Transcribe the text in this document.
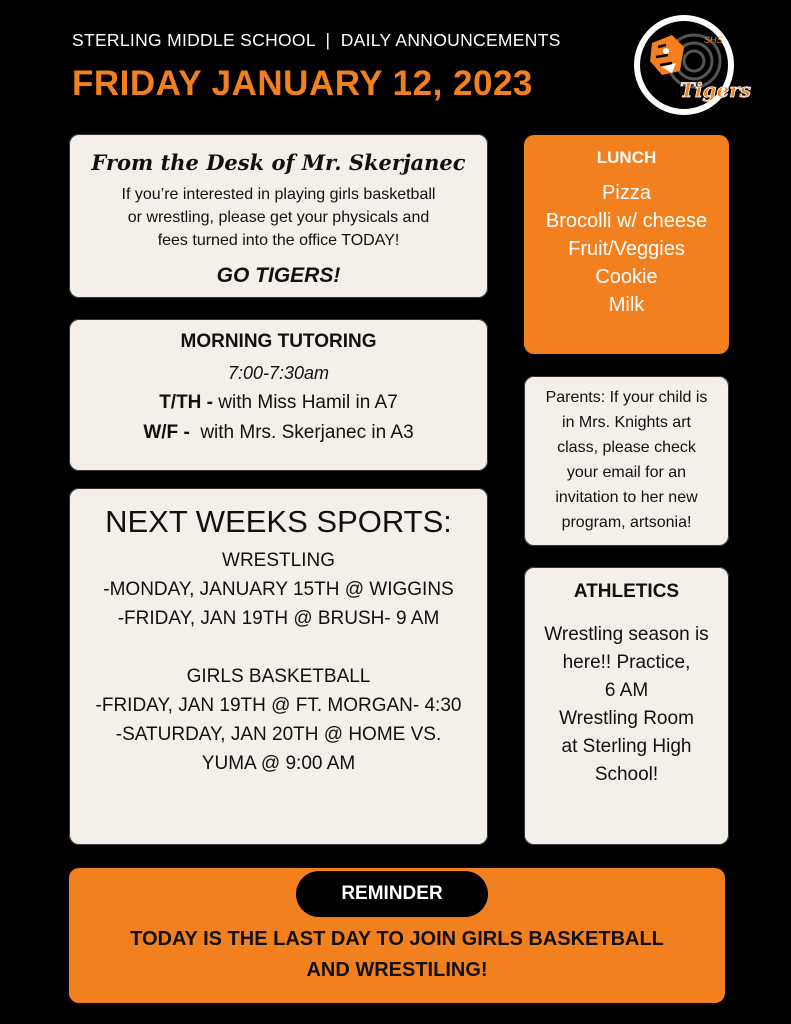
STERLING MIDDLE SCHOOL  |  DAILY ANNOUNCEMENTS
FRIDAY JANUARY 12, 2023
SHS
Tigers
From the Desk of Mr. Skerjanec
If you’re interested in playing girls basketball
or wrestling, please get your physicals and
fees turned into the office TODAY!
GO TIGERS!
MORNING TUTORING
7:00-7:30am
T/TH - with Miss Hamil in A7
W/F -  with Mrs. Skerjanec in A3
NEXT WEEKS SPORTS:
WRESTLING
-MONDAY, JANUARY 15TH @ WIGGINS
-FRIDAY, JAN 19TH @ BRUSH- 9 AM
GIRLS BASKETBALL
-FRIDAY, JAN 19TH @ FT. MORGAN- 4:30
-SATURDAY, JAN 20TH @ HOME VS.
YUMA @ 9:00 AM
LUNCH
Pizza
Brocolli w/ cheese
Fruit/Veggies
Cookie
Milk
Parents: If your child is
in Mrs. Knights art
class, please check
your email for an
invitation to her new
program, artsonia!
ATHLETICS
Wrestling season is
here!! Practice,
6 AM
Wrestling Room
at Sterling High
School!
REMINDER
TODAY IS THE LAST DAY TO JOIN GIRLS BASKETBALL
AND WRESTILING!
